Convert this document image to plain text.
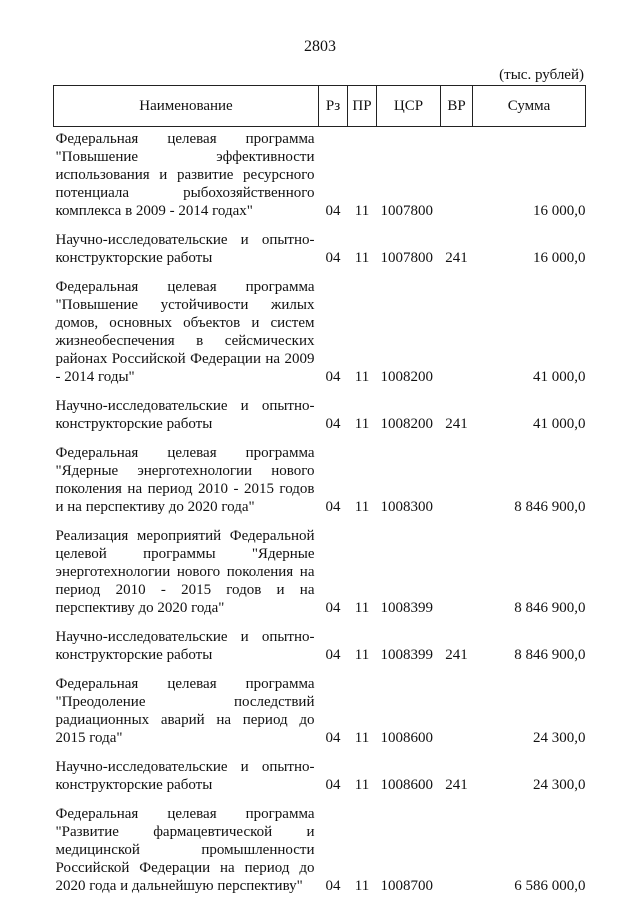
2803
(тыс. рублей)
Наименование	Рз	ПР	ЦСР	ВР	Сумма
Федеральная целевая программа "Повышение эффективности использования и развитие ресурсного потенциала рыбохозяйственного комплекса в 2009 - 2014 годах"	04	11	1007800		16 000,0
Научно-исследовательские и опытно-конструкторские работы	04	11	1007800	241	16 000,0
Федеральная целевая программа "Повышение устойчивости жилых домов, основных объектов и систем жизнеобеспечения в сейсмических районах Российской Федерации на 2009 - 2014 годы"	04	11	1008200		41 000,0
Научно-исследовательские и опытно-конструкторские работы	04	11	1008200	241	41 000,0
Федеральная целевая программа "Ядерные энерготехнологии нового поколения на период 2010 - 2015 годов и на перспективу до 2020 года"	04	11	1008300		8 846 900,0
Реализация мероприятий Федеральной целевой программы "Ядерные энерготехнологии нового поколения на период 2010 - 2015 годов и на перспективу до 2020 года"	04	11	1008399		8 846 900,0
Научно-исследовательские и опытно-конструкторские работы	04	11	1008399	241	8 846 900,0
Федеральная целевая программа "Преодоление последствий радиационных аварий на период до 2015 года"	04	11	1008600		24 300,0
Научно-исследовательские и опытно-конструкторские работы	04	11	1008600	241	24 300,0
Федеральная целевая программа "Развитие фармацевтической и медицинской промышленности Российской Федерации на период до 2020 года и дальнейшую перспективу"	04	11	1008700		6 586 000,0
